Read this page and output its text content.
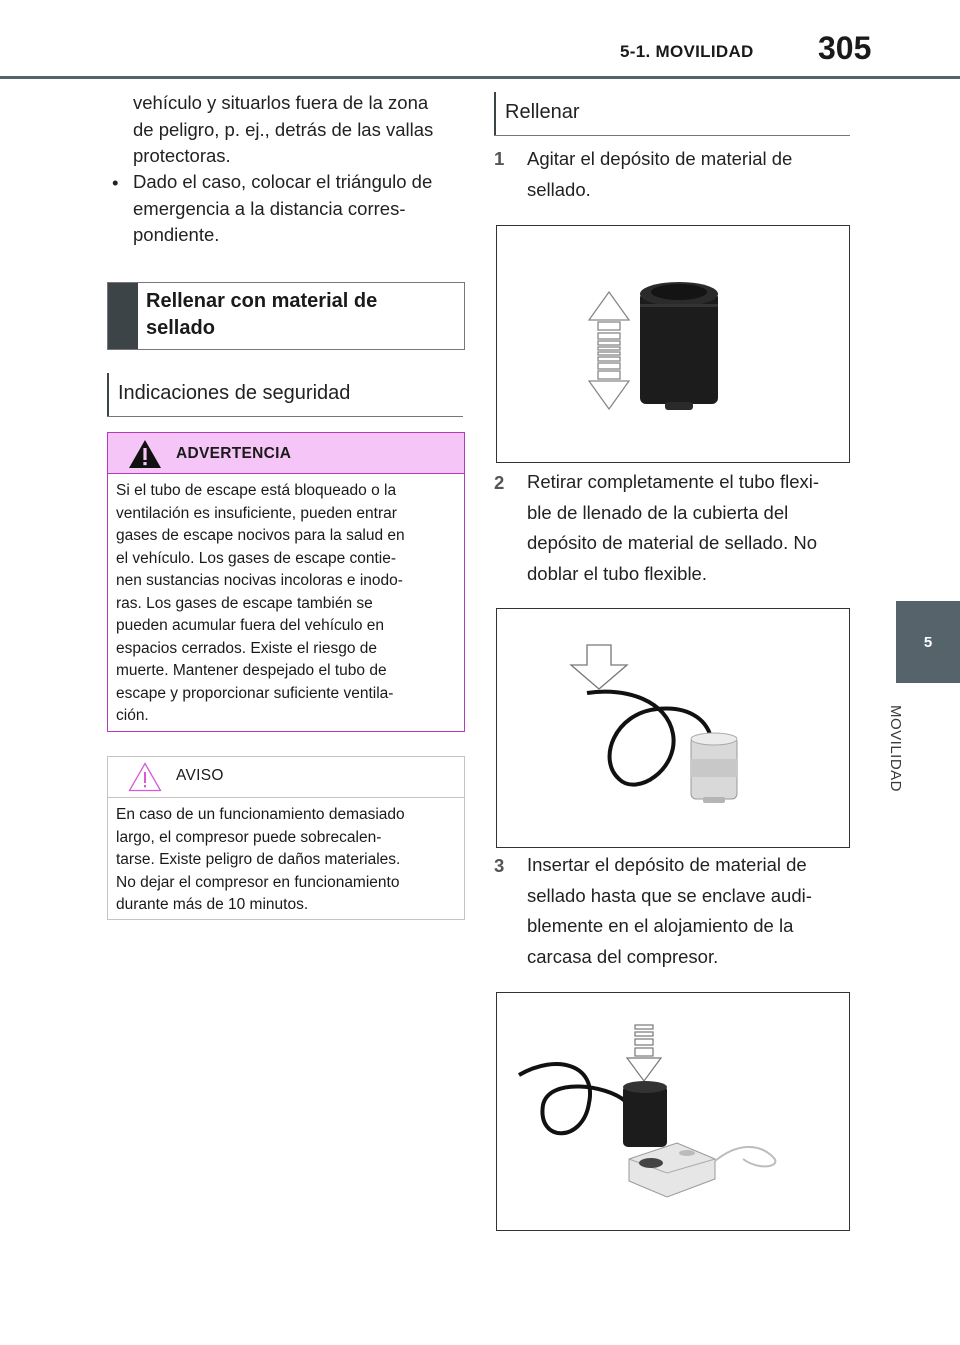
5-1. MOVILIDAD 305
5
MOVILIDAD
vehículo y situarlos fuera de la zona
de peligro, p. ej., detrás de las vallas
protectoras.
• Dado el caso, colocar el triángulo de
emergencia a la distancia corres-
pondiente.
Rellenar con material de
sellado
Indicaciones de seguridad
ADVERTENCIA
Si el tubo de escape está bloqueado o la
ventilación es insuficiente, pueden entrar
gases de escape nocivos para la salud en
el vehículo. Los gases de escape contie-
nen sustancias nocivas incoloras e inodo-
ras. Los gases de escape también se
pueden acumular fuera del vehículo en
espacios cerrados. Existe el riesgo de
muerte. Mantener despejado el tubo de
escape y proporcionar suficiente ventila-
ción.
AVISO
En caso de un funcionamiento demasiado
largo, el compresor puede sobrecalen-
tarse. Existe peligro de daños materiales.
No dejar el compresor en funcionamiento
durante más de 10 minutos.
Rellenar
1 Agitar el depósito de material de
sellado.
2 Retirar completamente el tubo flexi-
ble de llenado de la cubierta del
depósito de material de sellado. No
doblar el tubo flexible.
3 Insertar el depósito de material de
sellado hasta que se enclave audi-
blemente en el alojamiento de la
carcasa del compresor.
